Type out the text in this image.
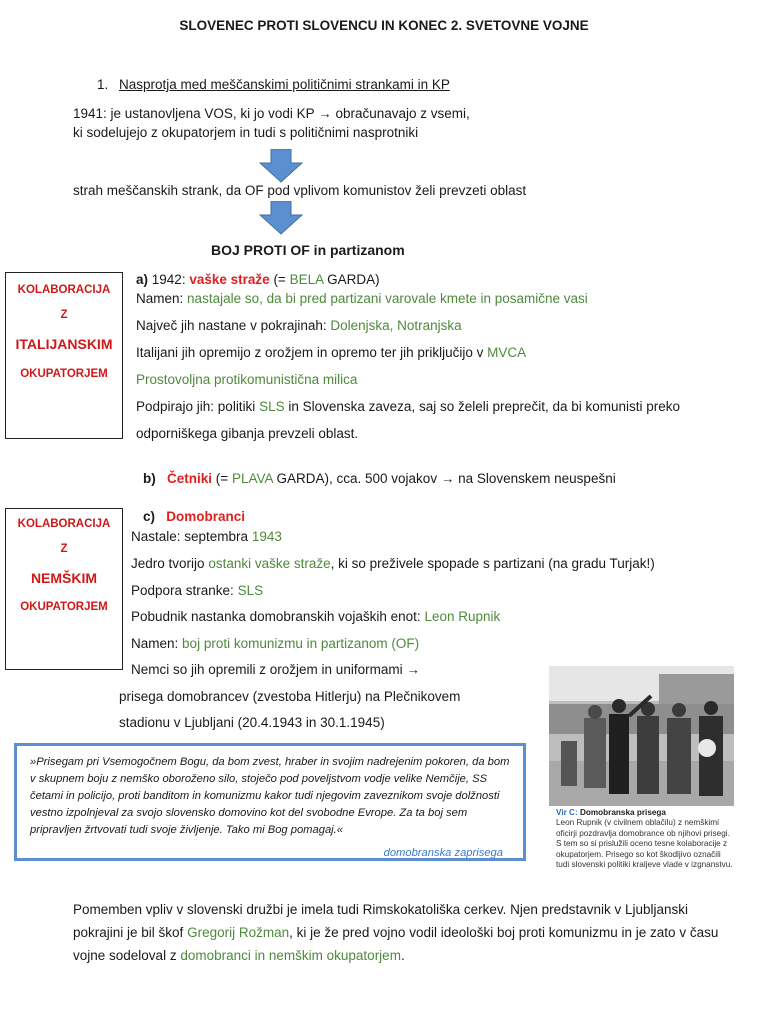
SLOVENEC PROTI SLOVENCU IN KONEC 2. SVETOVNE VOJNE
1. Nasprotja med meščanskimi političnimi strankami in KP
1941: je ustanovljena VOS, ki jo vodi KP → obračunavajo z vsemi,
ki sodelujejo z okupatorjem in tudi s političnimi nasprotniki
strah meščanskih strank, da OF pod vplivom komunistov želi prevzeti oblast
BOJ PROTI OF in partizanom
KOLABORACIJA
Z
ITALIJANSKIM
OKUPATORJEM
a) 1942: vaške straže (= BELA GARDA)
Namen: nastajale so, da bi pred partizani varovale kmete in posamične vasi
Največ jih nastane v pokrajinah: Dolenjska, Notranjska
Italijani jih opremijo z orožjem in opremo ter jih priključijo v MVCA
Prostovoljna protikomunistična milica
Podpirajo jih: politiki SLS in Slovenska zaveza, saj so želeli preprečit, da bi komunisti preko
odporniškega gibanja prevzeli oblast.
b) Četniki (= PLAVA GARDA), cca. 500 vojakov → na Slovenskem neuspešni
KOLABORACIJA
Z
NEMŠKIM
OKUPATORJEM
c) Domobranci
Nastale: septembra 1943
Jedro tvorijo ostanki vaške straže, ki so preživele spopade s partizani (na gradu Turjak!)
Podpora stranke: SLS
Pobudnik nastanka domobranskih vojaških enot: Leon Rupnik
Namen: boj proti komunizmu in partizanom (OF)
Nemci so jih opremili z orožjem in uniformami →
prisega domobrancev (zvestoba Hitlerju) na Plečnikovem
stadionu v Ljubljani (20.4.1943 in 30.1.1945)
Vir C: Domobranska prisega
Leon Rupnik (v civilnem oblačilu) z nemškimi oficirji pozdravlja domobrance ob njihovi prisegi. S tem so si prislužili oceno tesne kolaboracije z okupatorjem. Prisego so kot škodljivo označili tudi slovenski politiki kraljeve vlade v izgnanstvu.
»Prisegam pri Vsemogočnem Bogu, da bom zvest, hraber in svojim nadrejenim pokoren, da bom v skupnem boju z nemško oboroženo silo, stoječo pod poveljstvom vodje velike Nemčije, SS četami in policijo, proti banditom in komunizmu kakor tudi njegovim zaveznikom svoje dolžnosti vestno izpolnjeval za svojo slovensko domovino kot del svobodne Evrope. Za ta boj sem pripravljen žrtvovati tudi svoje življenje. Tako mi Bog pomagaj.«
domobranska zaprisega
Pomemben vpliv v slovenski družbi je imela tudi Rimskokatoliška cerkev. Njen predstavnik v Ljubljanski pokrajini je bil škof Gregorij Rožman, ki je že pred vojno vodil ideološki boj proti komunizmu in je zato v času vojne sodeloval z domobranci in nemškim okupatorjem.
